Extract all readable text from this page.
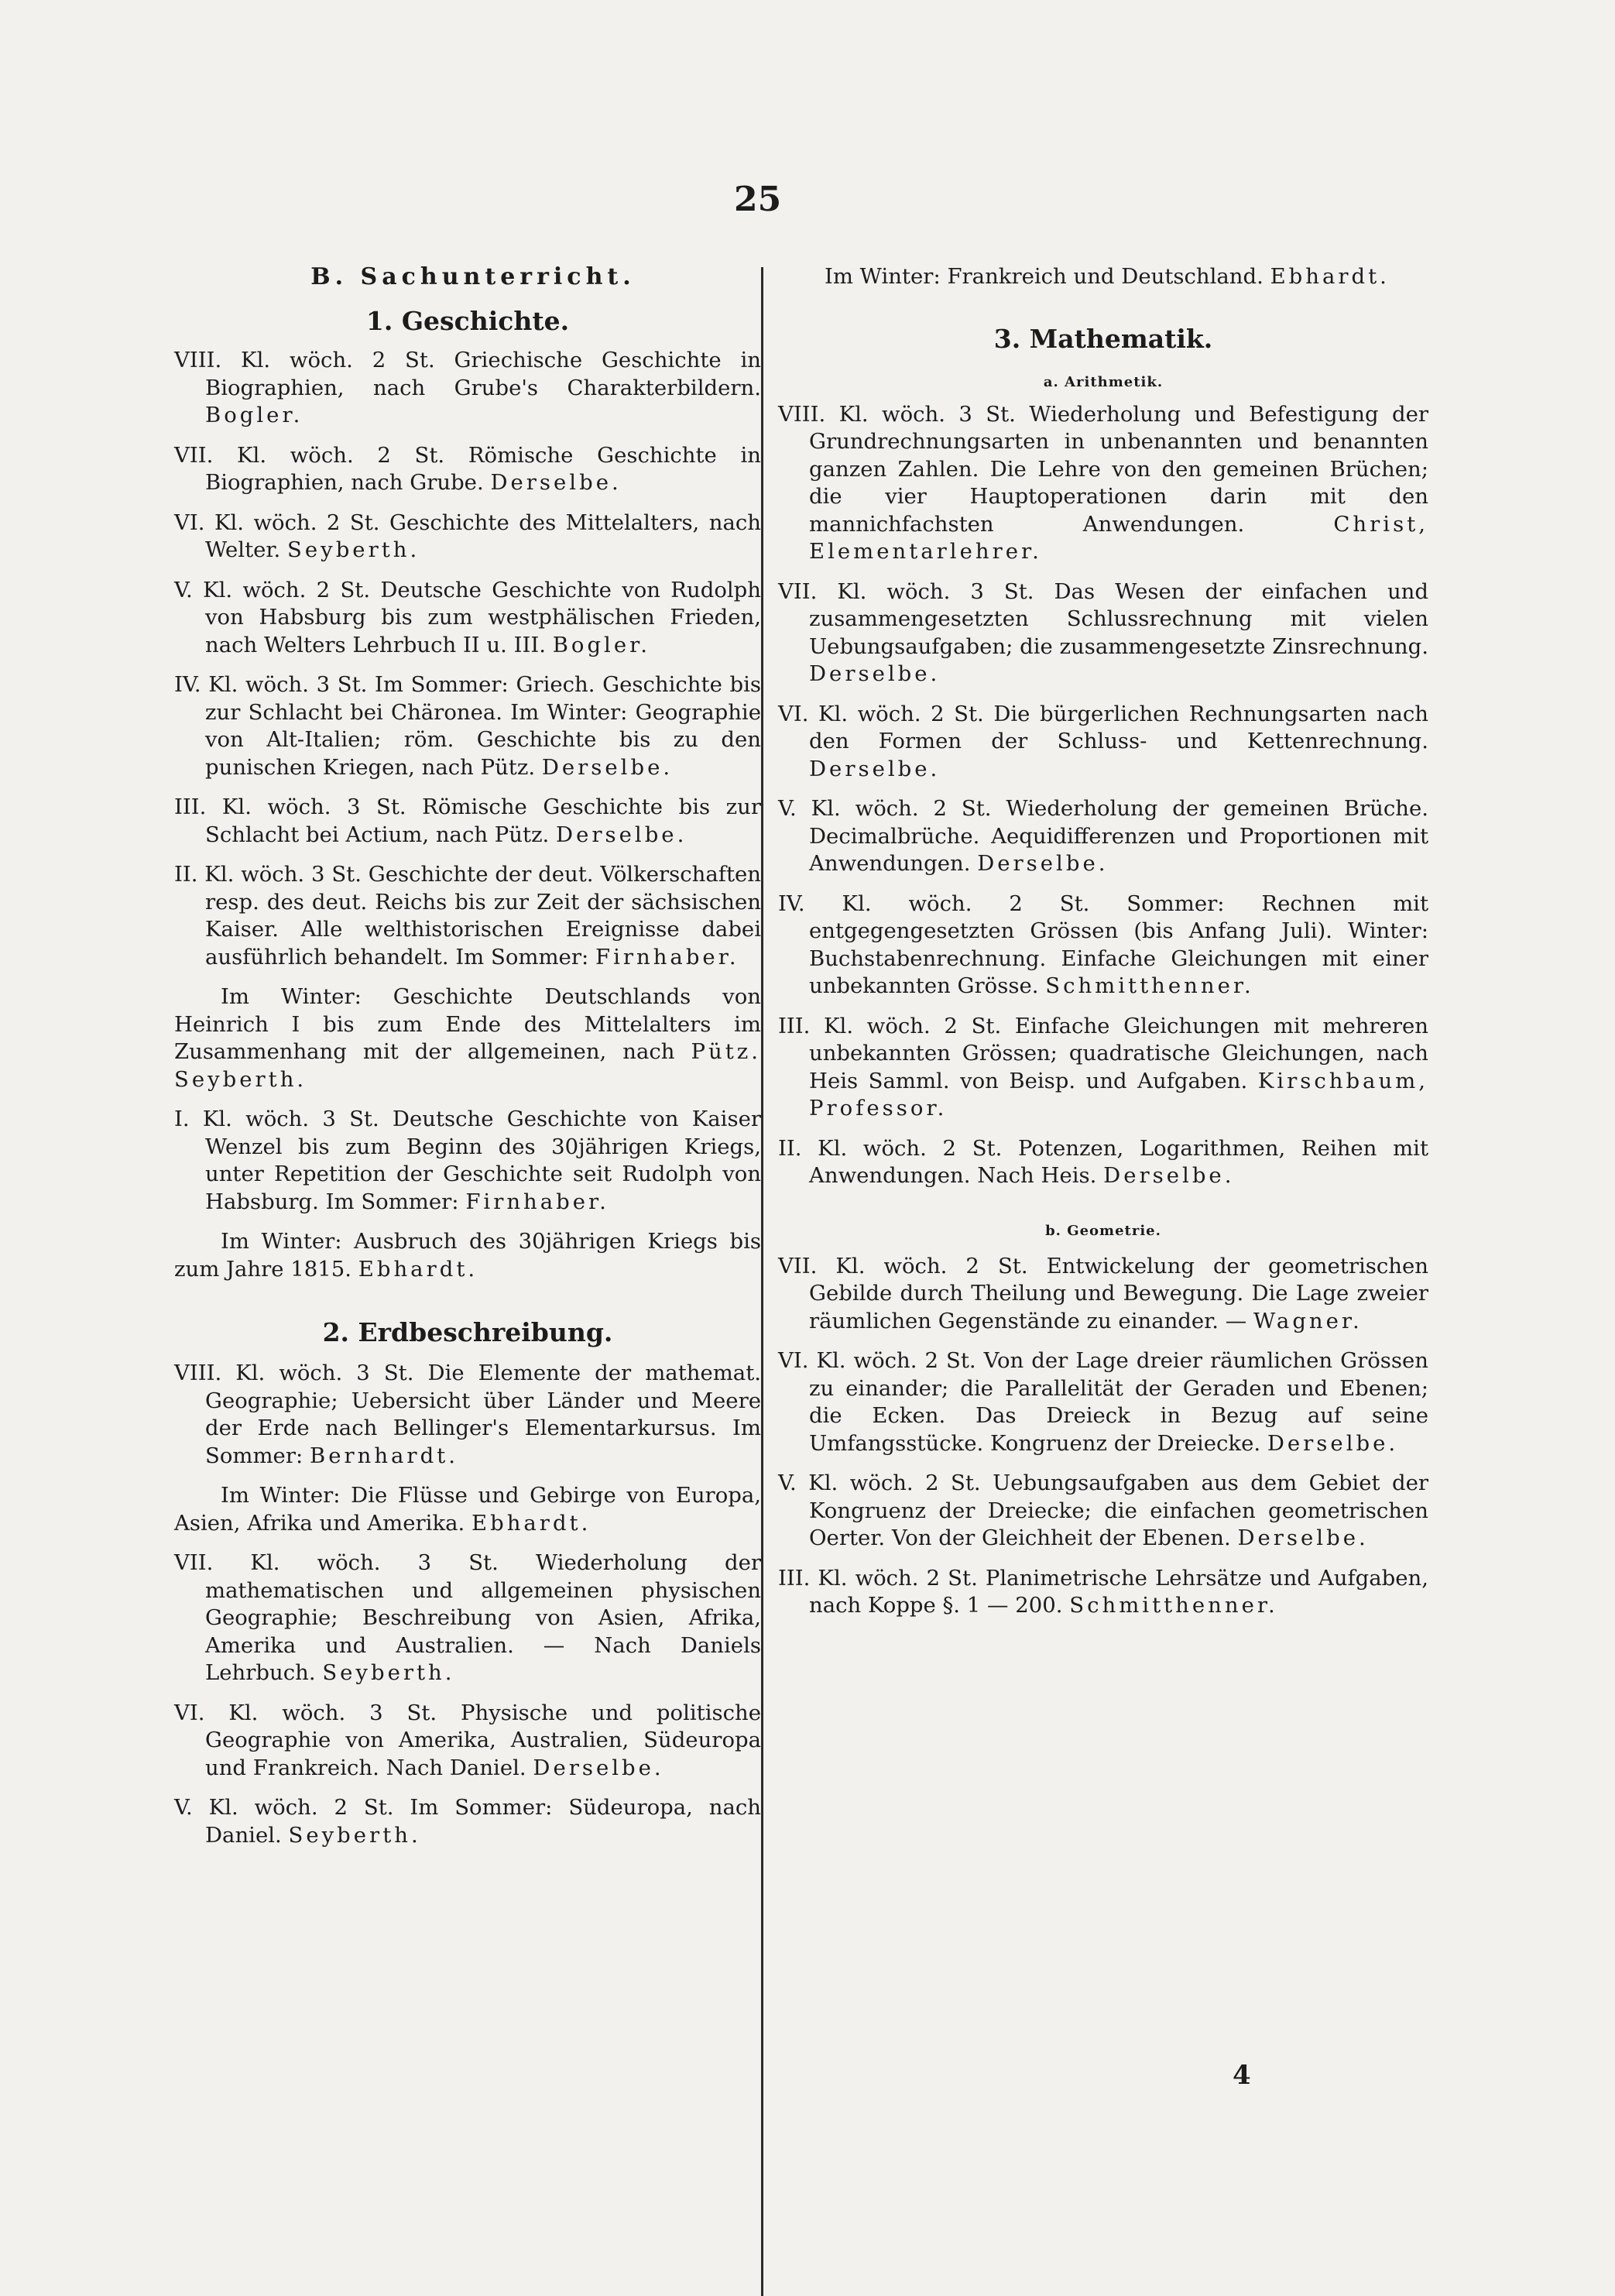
25
B. Sachunterricht.
1. Geschichte.

VIII. Kl. wöch. 2 St. Griechische Geschichte in Biographien, nach Grube's Charakterbildern. Bogler.

VII. Kl. wöch. 2 St. Römische Geschichte in Biographien, nach Grube. Derselbe.

VI. Kl. wöch. 2 St. Geschichte des Mittelalters, nach Welter. Seyberth.

V. Kl. wöch. 2 St. Deutsche Geschichte von Rudolph von Habsburg bis zum westphälischen Frieden, nach Welters Lehrbuch II u. III. Bogler.

IV. Kl. wöch. 3 St. Im Sommer: Griech. Geschichte bis zur Schlacht bei Chäronea. Im Winter: Geographie von Alt-Italien; röm. Geschichte bis zu den punischen Kriegen, nach Pütz. Derselbe.

III. Kl. wöch. 3 St. Römische Geschichte bis zur Schlacht bei Actium, nach Pütz. Derselbe.

II. Kl. wöch. 3 St. Geschichte der deut. Völkerschaften resp. des deut. Reichs bis zur Zeit der sächsischen Kaiser. Alle welthistorischen Ereignisse dabei ausführlich behandelt. Im Sommer: Firnhaber.

Im Winter: Geschichte Deutschlands von Heinrich I bis zum Ende des Mittelalters im Zusammenhang mit der allgemeinen, nach Pütz. Seyberth.

I. Kl. wöch. 3 St. Deutsche Geschichte von Kaiser Wenzel bis zum Beginn des 30jährigen Kriegs, unter Repetition der Geschichte seit Rudolph von Habsburg. Im Sommer: Firnhaber.

Im Winter: Ausbruch des 30jährigen Kriegs bis zum Jahre 1815. Ebhardt.

2. Erdbeschreibung.

VIII. Kl. wöch. 3 St. Die Elemente der mathemat. Geographie; Uebersicht über Länder und Meere der Erde nach Bellinger's Elementarkursus. Im Sommer: Bernhardt.

Im Winter: Die Flüsse und Gebirge von Europa, Asien, Afrika und Amerika. Ebhardt.

VII. Kl. wöch. 3 St. Wiederholung der mathematischen und allgemeinen physischen Geographie; Beschreibung von Asien, Afrika, Amerika und Australien. — Nach Daniels Lehrbuch. Seyberth.

VI. Kl. wöch. 3 St. Physische und politische Geographie von Amerika, Australien, Südeuropa und Frankreich. Nach Daniel. Derselbe.

V. Kl. wöch. 2 St. Im Sommer: Südeuropa, nach Daniel. Seyberth.

Im Winter: Frankreich und Deutschland. Ebhardt.

3. Mathematik.
a. Arithmetik.

VIII. Kl. wöch. 3 St. Wiederholung und Befestigung der Grundrechnungsarten in unbenannten und benannten ganzen Zahlen. Die Lehre von den gemeinen Brüchen; die vier Hauptoperationen darin mit den mannichfachsten Anwendungen.	Christ, Elementarlehrer.

VII. Kl. wöch. 3 St. Das Wesen der einfachen und zusammengesetzten Schlussrechnung mit vielen Uebungsaufgaben; die zusammengesetzte Zinsrechnung. Derselbe.

VI. Kl. wöch. 2 St. Die bürgerlichen Rechnungsarten nach den Formen der Schluss- und Kettenrechnung. Derselbe.

V. Kl. wöch. 2 St. Wiederholung der gemeinen Brüche. Decimalbrüche. Aequidifferenzen und Proportionen mit Anwendungen. Derselbe.

IV. Kl. wöch. 2 St. Sommer: Rechnen mit entgegengesetzten Grössen (bis Anfang Juli). Winter: Buchstabenrechnung. Einfache Gleichungen mit einer unbekannten Grösse. Schmitthenner.

III. Kl. wöch. 2 St. Einfache Gleichungen mit mehreren unbekannten Grössen; quadratische Gleichungen, nach Heis Samml. von Beisp. und Aufgaben. Kirschbaum, Professor.

II. Kl. wöch. 2 St. Potenzen, Logarithmen, Reihen mit Anwendungen. Nach Heis. Derselbe.

b. Geometrie.

VII. Kl. wöch. 2 St. Entwickelung der geometrischen Gebilde durch Theilung und Bewegung. Die Lage zweier räumlichen Gegenstände zu einander. — Wagner.

VI. Kl. wöch. 2 St. Von der Lage dreier räumlichen Grössen zu einander; die Parallelität der Geraden und Ebenen; die Ecken. Das Dreieck in Bezug auf seine Umfangsstücke. Kongruenz der Dreiecke. Derselbe.

V. Kl. wöch. 2 St. Uebungsaufgaben aus dem Gebiet der Kongruenz der Dreiecke; die einfachen geometrischen Oerter. Von der Gleichheit der Ebenen. Derselbe.

III. Kl. wöch. 2 St. Planimetrische Lehrsätze und Aufgaben, nach Koppe §. 1 — 200. Schmitthenner.

4
